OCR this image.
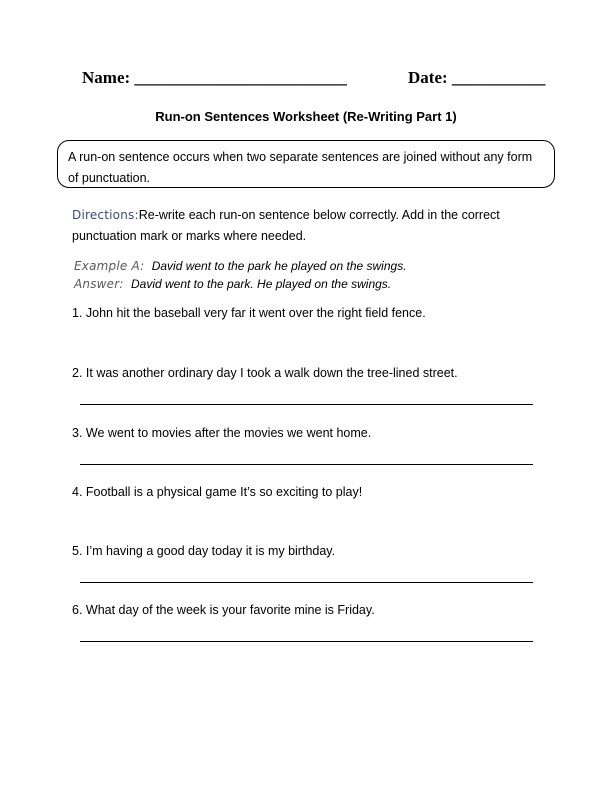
Name: _________________________	Date: ___________
Run-on Sentences Worksheet (Re-Writing Part 1)
A run-on sentence occurs when two separate sentences are joined without any form of punctuation.
Directions:Re-write each run-on sentence below correctly. Add in the correct punctuation mark or marks where needed.
Example A: David went to the park he played on the swings.
Answer: David went to the park. He played on the swings.
1. John hit the baseball very far it went over the right field fence.
2. It was another ordinary day I took a walk down the tree-lined street.
3. We went to movies after the movies we went home.
4. Football is a physical game It’s so exciting to play!
5. I’m having a good day today it is my birthday.
6. What day of the week is your favorite mine is Friday.
